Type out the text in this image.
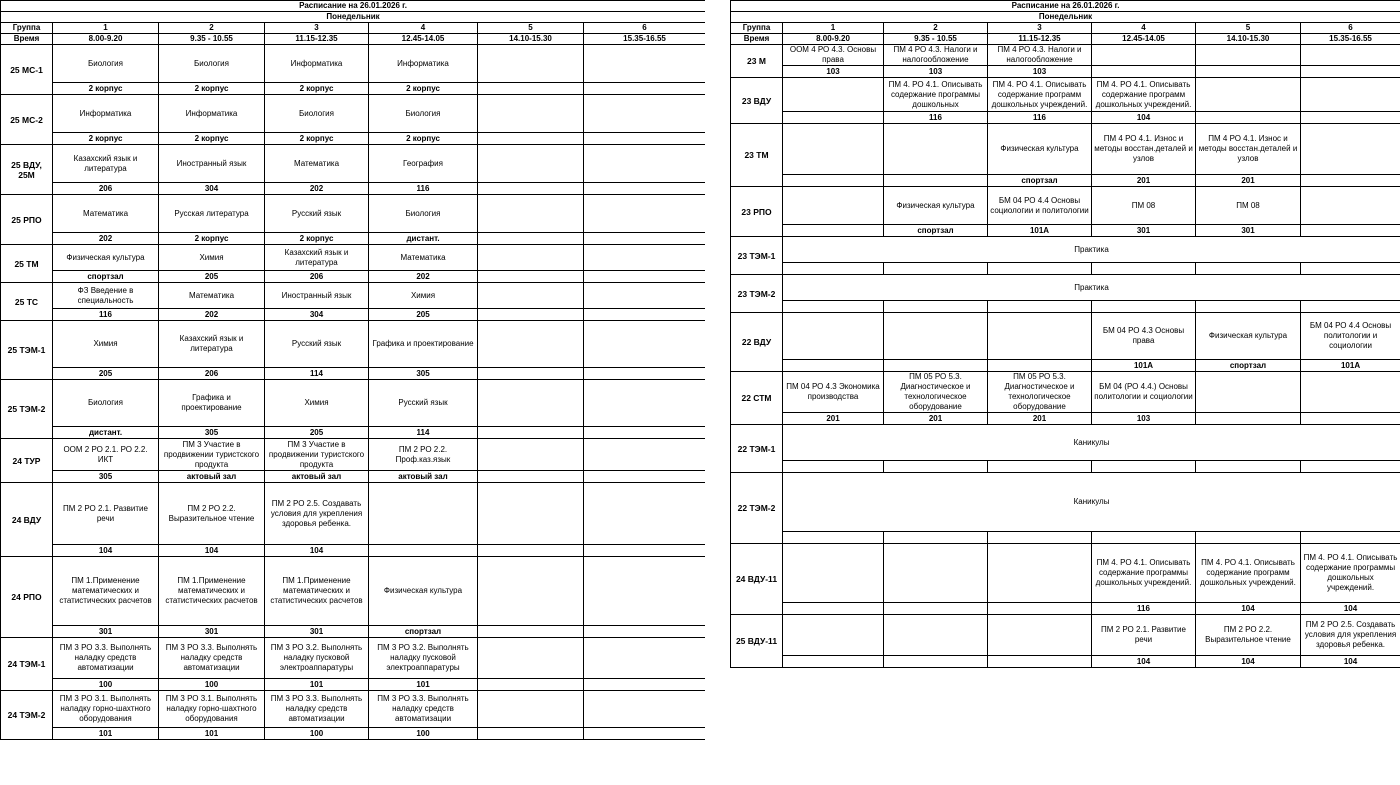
Расписание на 26.01.2026 г.						
Понедельник						
Группа	1	2	3	4	5	6
Время	8.00-9.20	9.35 - 10.55	11.15-12.35	12.45-14.05	14.10-15.30	15.35-16.55
25 МС-1	Биология	Биология	Информатика	Информатика		
	2 корпус	2 корпус	2 корпус	2 корпус		
25 МС-2	Информатика	Информатика	Биология	Биология		
	2 корпус	2 корпус	2 корпус	2 корпус		
25 ВДУ, 25М	Казахский язык и литература	Иностранный язык	Математика	География		
	206	304	202	116		
25 РПО	Математика	Русская литература	Русский язык	Биология		
	202	2 корпус	2 корпус	дистант.		
25 ТМ	Физическая культура	Химия	Казахский язык и литература	Математика		
	спортзал	205	206	202		
25 ТС	ФЗ Введение в специальность	Математика	Иностранный язык	Химия		
	116	202	304	205		
25 ТЭМ-1	Химия	Казахский язык и литература	Русский язык	Графика и проектирование		
	205	206	114	305		
25 ТЭМ-2	Биология	Графика и проектирование	Химия	Русский язык		
	дистант.	305	205	114		
24 ТУР	ООМ 2 РО 2.1. РО 2.2. ИКТ	ПМ 3 Участие в продвижении туристского продукта	ПМ 3 Участие в продвижении туристского продукта	ПМ 2 РО 2.2. Проф.каз.язык		
	305	актовый зал	актовый зал	актовый зал		
24 ВДУ	ПМ 2 РО 2.1. Развитие речи	ПМ 2 РО 2.2. Выразительное чтение	ПМ 2 РО 2.5. Создавать условия для укрепления здоровья ребенка.			
	104	104	104			
24 РПО	ПМ 1.Применение математических и статистических расчетов	ПМ 1.Применение математических и статистических расчетов	ПМ 1.Применение математических и статистических расчетов	Физическая культура		
	301	301	301	спортзал		
24 ТЭМ-1	ПМ 3 РО 3.3. Выполнять наладку средств автоматизации	ПМ 3 РО 3.3. Выполнять наладку средств автоматизации	ПМ 3 РО 3.2. Выполнять наладку пусковой электроаппаратуры	ПМ 3 РО 3.2. Выполнять наладку пусковой электроаппаратуры		
	100	100	101	101		
24 ТЭМ-2	ПМ 3 РО 3.1. Выполнять наладку горно-шахтного оборудования	ПМ 3 РО 3.1. Выполнять наладку горно-шахтного оборудования	ПМ 3 РО 3.3. Выполнять наладку средств автоматизации	ПМ 3 РО 3.3. Выполнять наладку средств автоматизации		
	101	101	100	100		
Расписание на 26.01.2026 г.						
Понедельник						
Группа	1	2	3	4	5	6
Время	8.00-9.20	9.35 - 10.55	11.15-12.35	12.45-14.05	14.10-15.30	15.35-16.55
23 М	ООМ 4 РО 4.3. Основы права	ПМ 4 РО 4.3. Налоги и налогообложение	ПМ 4 РО 4.3. Налоги и налогообложение			
	103	103	103			
23 ВДУ		ПМ 4. РО 4.1. Описывать содержание программы дошкольных	ПМ 4. РО 4.1. Описывать содержание программ дошкольных учреждений.	ПМ 4. РО 4.1. Описывать содержание программ дошкольных учреждений.		
		116	116	104		
23 ТМ			Физическая культура	ПМ 4 РО 4.1. Износ и методы восстан.деталей и узлов	ПМ 4 РО 4.1. Износ и методы восстан.деталей и узлов	
			спортзал	201	201	
23 РПО		Физическая культура	БМ 04 РО 4.4 Основы социологии и политологии	ПМ 08	ПМ 08	
		спортзал	101А	301	301	
23 ТЭМ-1	Практика					

23 ТЭМ-2	Практика					

22 ВДУ				БМ 04 РО 4.3 Основы права	Физическая культура	БМ 04 РО 4.4 Основы политологии и социологии
				101А	спортзал	101А
22 СТМ	ПМ 04 РО 4.3 Экономика производства	ПМ 05 РО 5.3. Диагностическое и технологическое оборудование	ПМ 05 РО 5.3. Диагностическое и технологическое оборудование	БМ 04 (РО 4.4.) Основы политологии и социологии		
	201	201	201	103		
22 ТЭМ-1	Каникулы					

22 ТЭМ-2	Каникулы					

24 ВДУ-11				ПМ 4. РО 4.1. Описывать содержание программы дошкольных учреждений.	ПМ 4. РО 4.1. Описывать содержание программ дошкольных учреждений.	ПМ 4. РО 4.1. Описывать содержание программы дошкольных учреждений.
				116	104	104
25 ВДУ-11				ПМ 2 РО 2.1. Развитие речи	ПМ 2 РО 2.2. Выразительное чтение	ПМ 2 РО 2.5. Создавать условия для укрепления здоровья ребенка.
				104	104	104
